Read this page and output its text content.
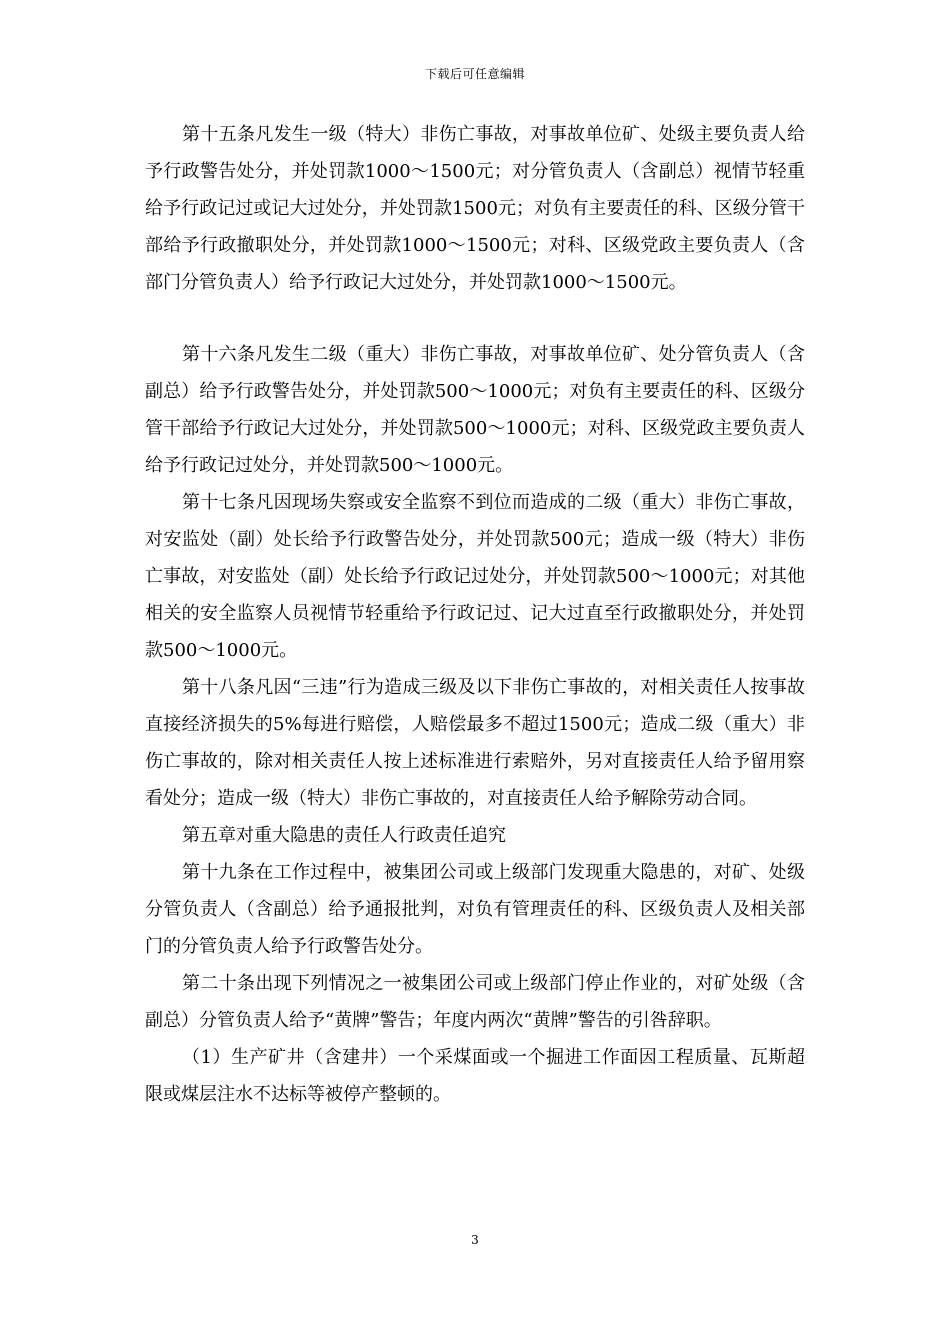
下载后可任意编辑

第十五条凡发生一级（特大）非伤亡事故，对事故单位矿、处级主要负责人给予行政警告处分，并处罚款1000～1500元；对分管负责人（含副总）视情节轻重给予行政记过或记大过处分，并处罚款1500元；对负有主要责任的科、区级分管干部给予行政撤职处分，并处罚款1000～1500元；对科、区级党政主要负责人（含部门分管负责人）给予行政记大过处分，并处罚款1000～1500元。

第十六条凡发生二级（重大）非伤亡事故，对事故单位矿、处分管负责人（含副总）给予行政警告处分，并处罚款500～1000元；对负有主要责任的科、区级分管干部给予行政记大过处分，并处罚款500～1000元；对科、区级党政主要负责人给予行政记过处分，并处罚款500～1000元。

第十七条凡因现场失察或安全监察不到位而造成的二级（重大）非伤亡事故，对安监处（副）处长给予行政警告处分，并处罚款500元；造成一级（特大）非伤亡事故，对安监处（副）处长给予行政记过处分，并处罚款500～1000元；对其他相关的安全监察人员视情节轻重给予行政记过、记大过直至行政撤职处分，并处罚款500～1000元。

第十八条凡因“三违”行为造成三级及以下非伤亡事故的，对相关责任人按事故直接经济损失的5%每进行赔偿，人赔偿最多不超过1500元；造成二级（重大）非伤亡事故的，除对相关责任人按上述标准进行索赔外，另对直接责任人给予留用察看处分；造成一级（特大）非伤亡事故的，对直接责任人给予解除劳动合同。

第五章对重大隐患的责任人行政责任追究

第十九条在工作过程中，被集团公司或上级部门发现重大隐患的，对矿、处级分管负责人（含副总）给予通报批判，对负有管理责任的科、区级负责人及相关部门的分管负责人给予行政警告处分。

第二十条出现下列情况之一被集团公司或上级部门停止作业的，对矿处级（含副总）分管负责人给予“黄牌”警告；年度内两次“黄牌”警告的引咎辞职。

（1）生产矿井（含建井）一个采煤面或一个掘进工作面因工程质量、瓦斯超限或煤层注水不达标等被停产整顿的。

3
